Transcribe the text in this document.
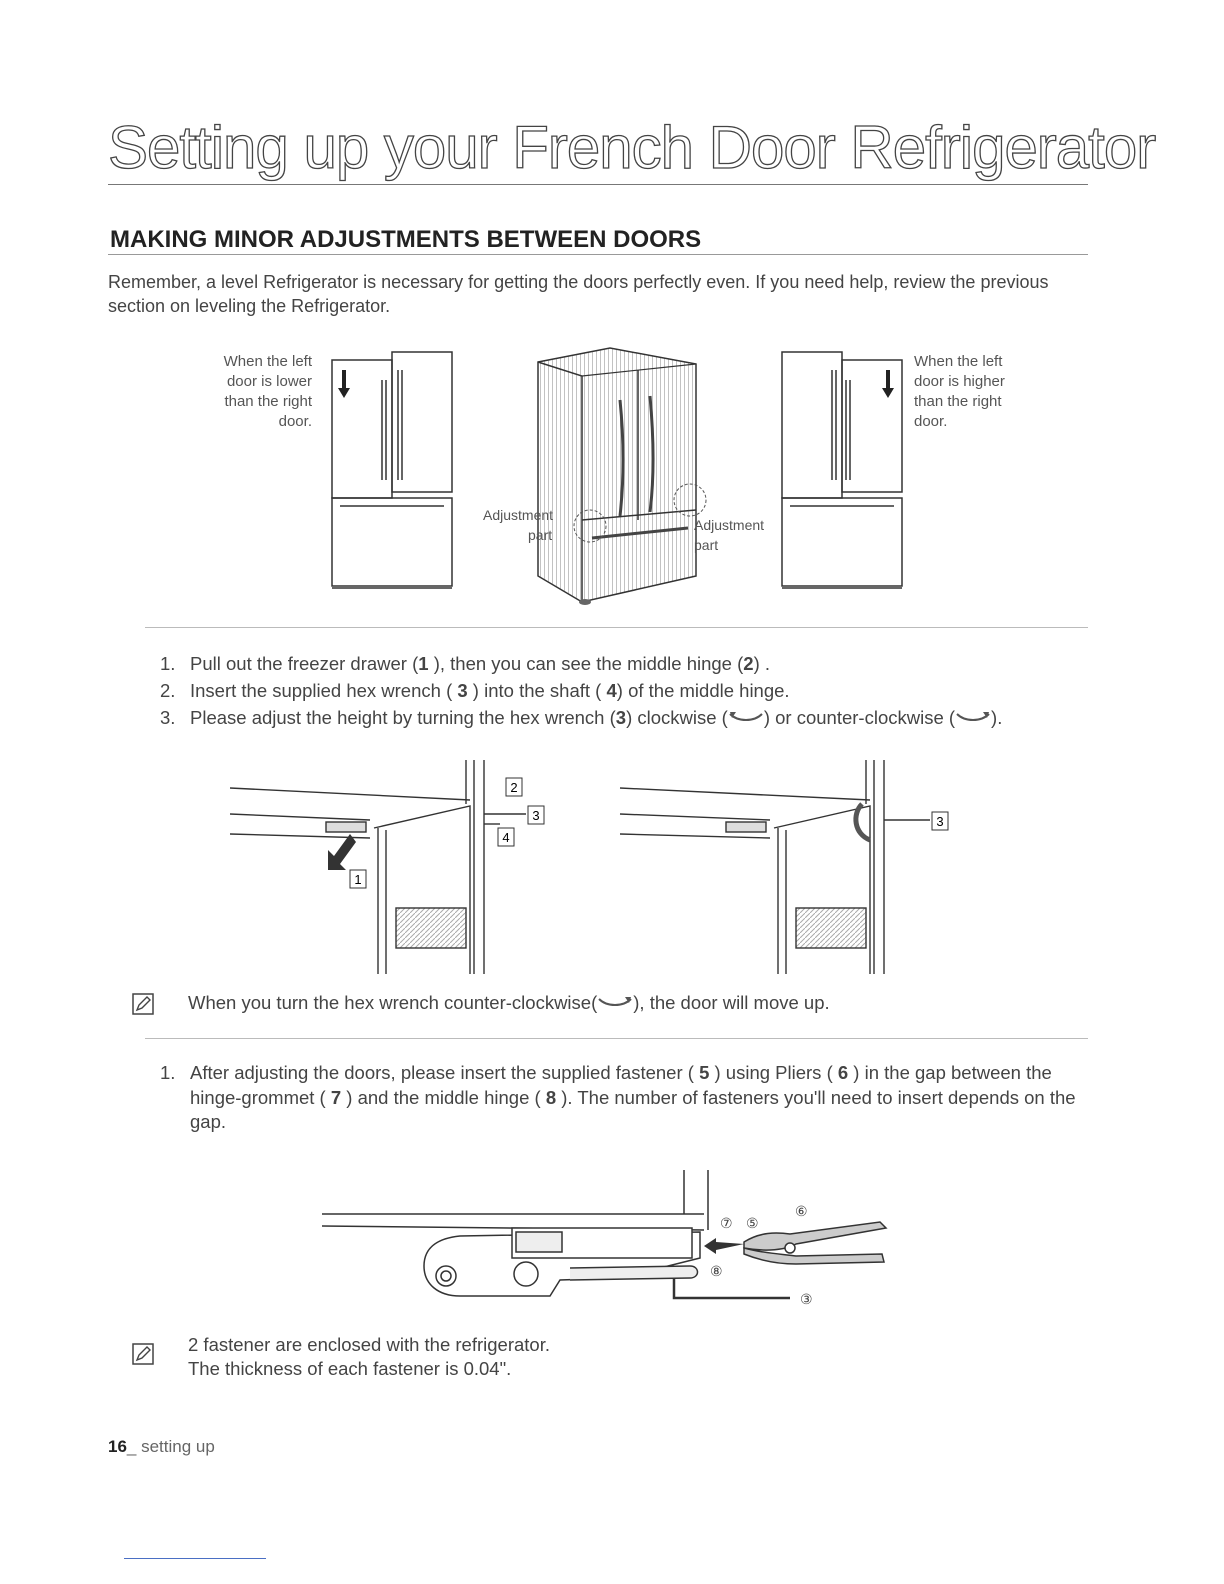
Setting up your French Door Refrigerator
MAKING MINOR ADJUSTMENTS BETWEEN DOORS
Remember, a level Refrigerator is necessary for getting the doors perfectly even. If you need help, review the previous section on leveling the Refrigerator.
When the left
door is lower
than the right
door.
When the left
door is higher
than the right
door.
Adjustment
part
Adjustment
part
1. Pull out the freezer drawer (1 ), then you can see the middle hinge (2) .
2. Insert the supplied hex wrench ( 3 ) into the shaft ( 4) of the middle hinge.
3. Please adjust the height by turning the hex wrench (3) clockwise ( ) or counter-clockwise ( ).
1
2
3
4
3
When you turn the hex wrench counter-clockwise( ), the door will move up.
1. After adjusting the doors, please insert the supplied fastener ( 5 ) using Pliers ( 6 ) in the gap between the hinge-grommet ( 7 ) and the middle hinge ( 8 ). The number of fasteners you'll need to insert depends on the gap.
⑦ ⑤
⑥
⑧
③
2 fastener are enclosed with the refrigerator.
The thickness of each fastener is 0.04".
16_ setting up
